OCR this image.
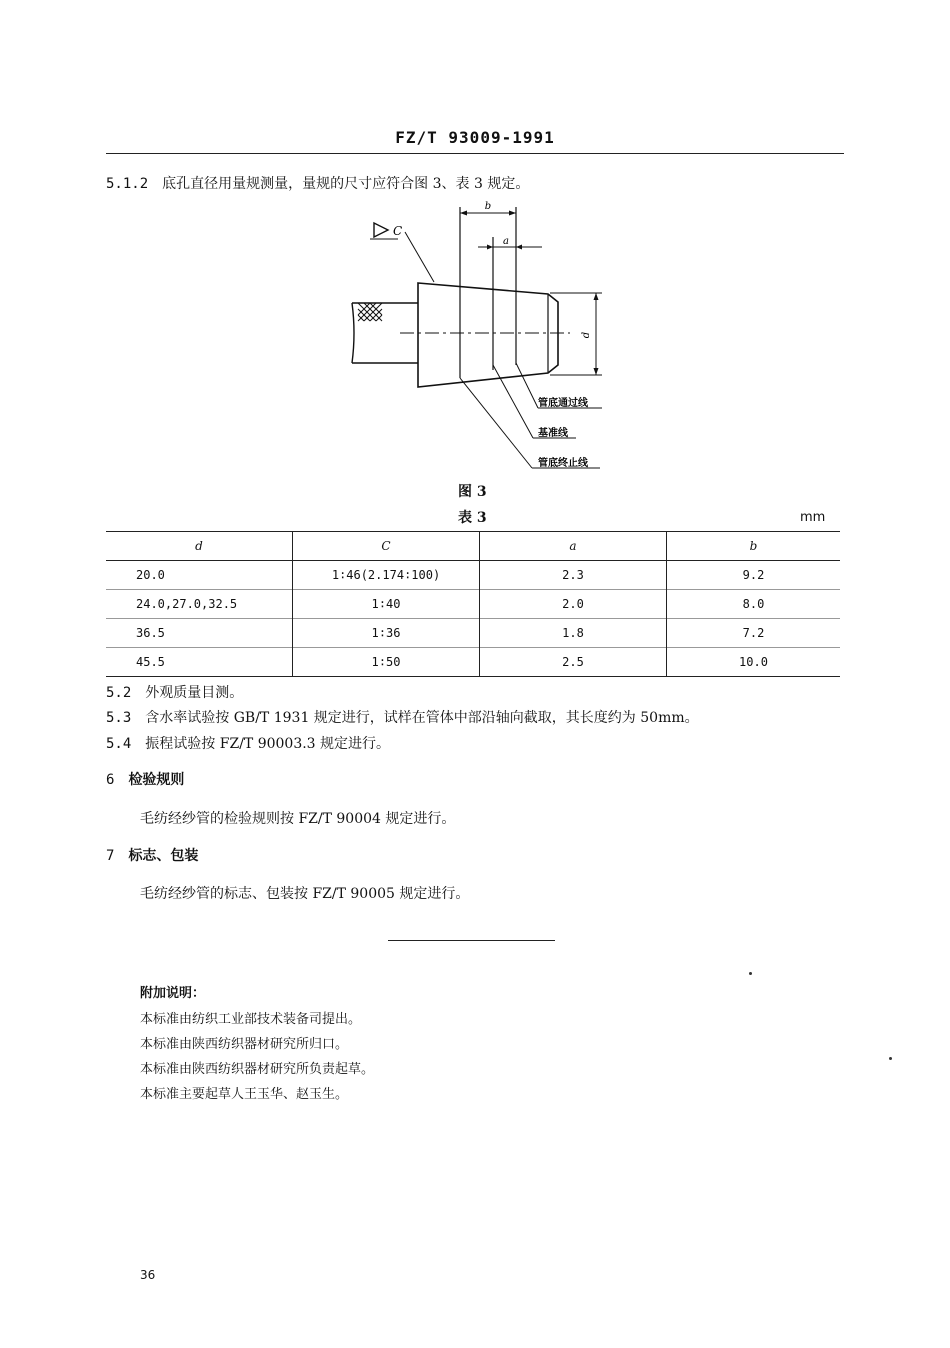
FZ/T 93009-1991
5.1.2 底孔直径用量规测量，量规的尺寸应符合图 3、表 3 规定。
b
a
C
d
管底通过线
基准线
管底终止线
图 3
表 3	mm
d	C	a	b
20.0	1∶46(2.174∶100)	2.3	9.2
24.0,27.0,32.5	1∶40	2.0	8.0
36.5	1∶36	1.8	7.2
45.5	1∶50	2.5	10.0
5.2 外观质量目测。
5.3 含水率试验按 GB/T 1931 规定进行，试样在管体中部沿轴向截取，其长度约为 50mm。
5.4 振程试验按 FZ/T 90003.3 规定进行。
6 检验规则
毛纺经纱管的检验规则按 FZ/T 90004 规定进行。
7 标志、包装
毛纺经纱管的标志、包装按 FZ/T 90005 规定进行。
附加说明：
本标准由纺织工业部技术装备司提出。
本标准由陕西纺织器材研究所归口。
本标准由陕西纺织器材研究所负责起草。
本标准主要起草人王玉华、赵玉生。
36
